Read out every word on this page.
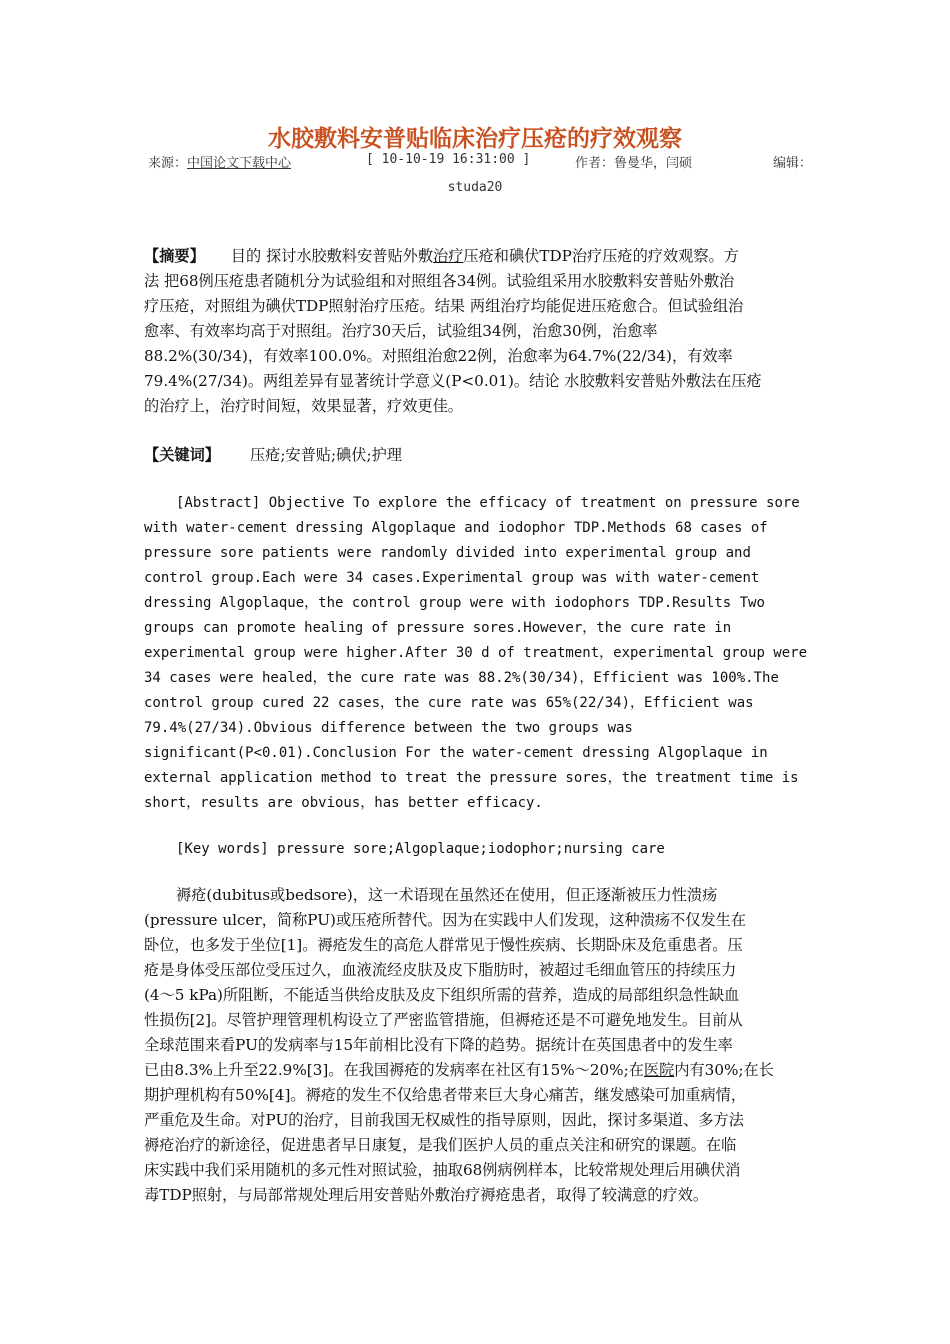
水胶敷料安普贴临床治疗压疮的疗效观察
来源：中国论文下载中心	[ 10-10-19 16:31:00 ]	作者：鲁曼华，闫硕	编辑：
studa20
【摘要】 目的 探讨水胶敷料安普贴外敷治疗压疮和碘伏TDP治疗压疮的疗效观察。方
法 把68例压疮患者随机分为试验组和对照组各34例。试验组采用水胶敷料安普贴外敷治
疗压疮，对照组为碘伏TDP照射治疗压疮。结果 两组治疗均能促进压疮愈合。但试验组治
愈率、有效率均高于对照组。治疗30天后，试验组34例，治愈30例，治愈率
88.2%(30/34)，有效率100.0%。对照组治愈22例，治愈率为64.7%(22/34)，有效率
79.4%(27/34)。两组差异有显著统计学意义(P<0.01)。结论 水胶敷料安普贴外敷法在压疮
的治疗上，治疗时间短，效果显著，疗效更佳。
【关键词】 压疮;安普贴;碘伏;护理
[Abstract] Objective To explore the efficacy of treatment on pressure sore
with water-cement dressing Algoplaque and iodophor TDP.Methods 68 cases of
pressure sore patients were randomly divided into experimental group and
control group.Each were 34 cases.Experimental group was with water-cement
dressing Algoplaque，the control group were with iodophors TDP.Results Two
groups can promote healing of pressure sores.However，the cure rate in
experimental group were higher.After 30 d of treatment，experimental group were
34 cases were healed，the cure rate was 88.2%(30/34)，Efficient was 100%.The
control group cured 22 cases，the cure rate was 65%(22/34)，Efficient was
79.4%(27/34).Obvious difference between the two groups was
significant(P<0.01).Conclusion For the water-cement dressing Algoplaque in
external application method to treat the pressure sores，the treatment time is
short，results are obvious，has better efficacy.
[Key words] pressure sore;Algoplaque;iodophor;nursing care
褥疮(dubitus或bedsore)，这一术语现在虽然还在使用，但正逐渐被压力性溃疡
(pressure ulcer，简称PU)或压疮所替代。因为在实践中人们发现，这种溃疡不仅发生在
卧位，也多发于坐位[1]。褥疮发生的高危人群常见于慢性疾病、长期卧床及危重患者。压
疮是身体受压部位受压过久，血液流经皮肤及皮下脂肪时，被超过毛细血管压的持续压力
(4～5 kPa)所阻断，不能适当供给皮肤及皮下组织所需的营养，造成的局部组织急性缺血
性损伤[2]。尽管护理管理机构设立了严密监管措施，但褥疮还是不可避免地发生。目前从
全球范围来看PU的发病率与15年前相比没有下降的趋势。据统计在英国患者中的发生率
已由8.3%上升至22.9%[3]。在我国褥疮的发病率在社区有15%～20%;在医院内有30%;在长
期护理机构有50%[4]。褥疮的发生不仅给患者带来巨大身心痛苦，继发感染可加重病情，
严重危及生命。对PU的治疗，目前我国无权威性的指导原则，因此，探讨多渠道、多方法
褥疮治疗的新途径，促进患者早日康复，是我们医护人员的重点关注和研究的课题。在临
床实践中我们采用随机的多元性对照试验，抽取68例病例样本，比较常规处理后用碘伏消
毒TDP照射，与局部常规处理后用安普贴外敷治疗褥疮患者，取得了较满意的疗效。
